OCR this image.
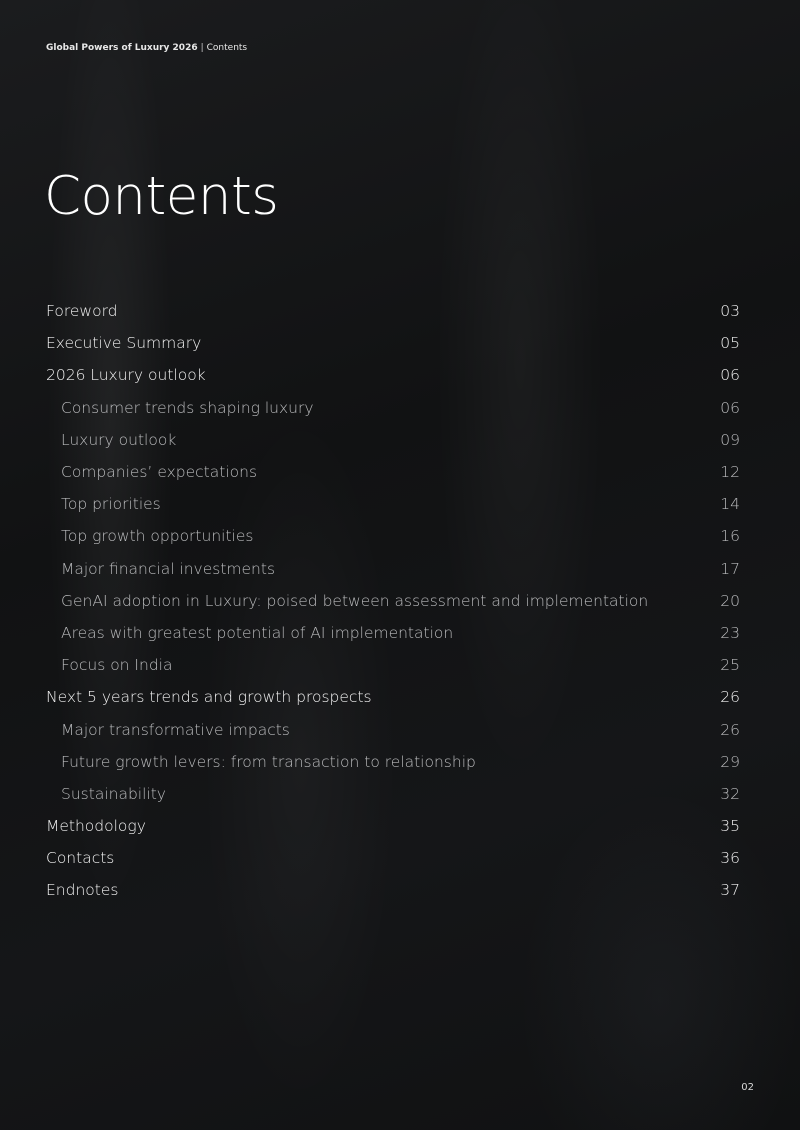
Global Powers of Luxury 2026 | Contents
Contents
Foreword	03
Executive Summary	05
2026 Luxury outlook	06
Consumer trends shaping luxury	06
Luxury outlook	09
Companies’ expectations	12
Top priorities	14
Top growth opportunities	16
Major financial investments	17
GenAI adoption in Luxury: poised between assessment and implementation	20
Areas with greatest potential of AI implementation	23
Focus on India	25
Next 5 years trends and growth prospects	26
Major transformative impacts	26
Future growth levers: from transaction to relationship	29
Sustainability	32
Methodology	35
Contacts	36
Endnotes	37
02
